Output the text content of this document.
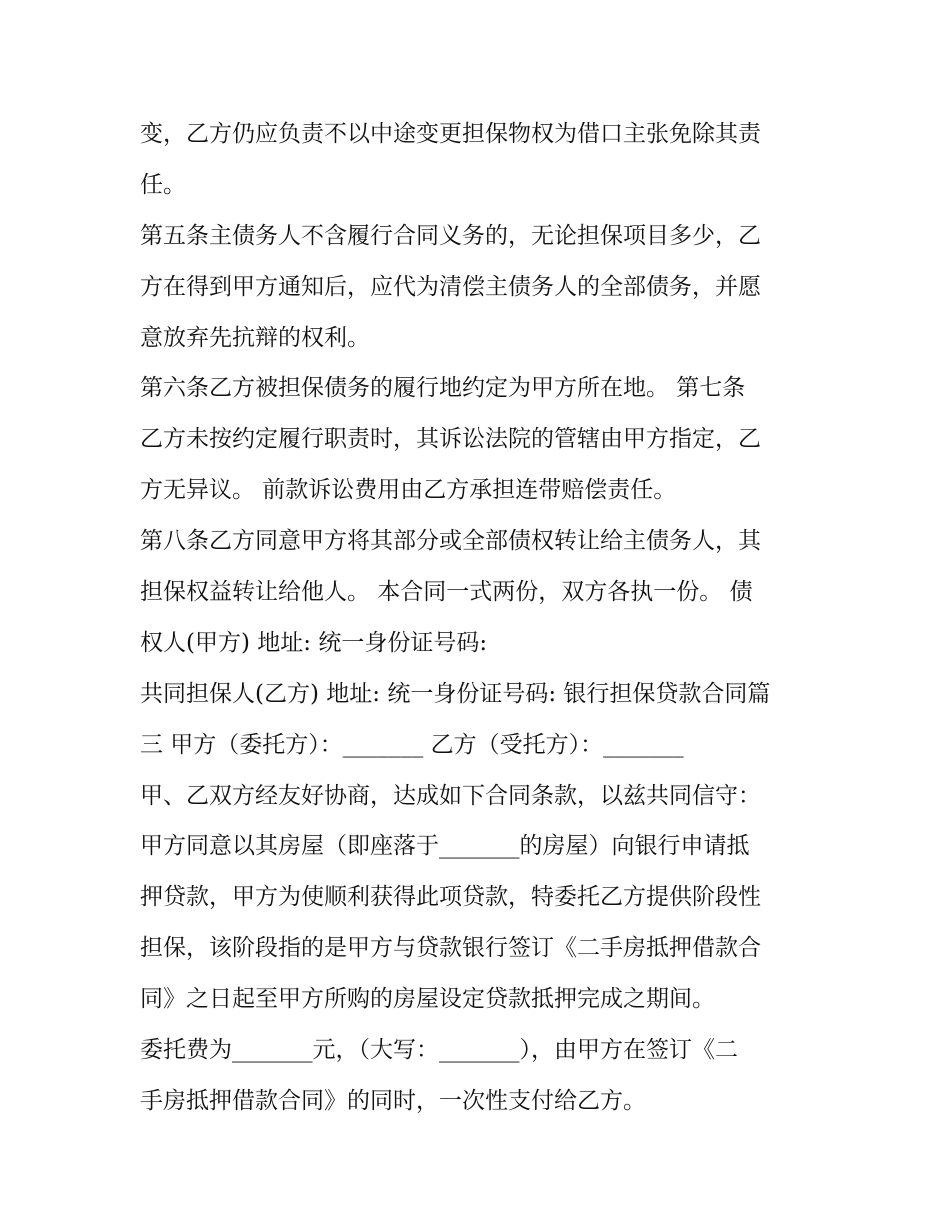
变，乙方仍应负责不以中途变更担保物权为借口主张免除其责
任。
第五条主债务人不含履行合同义务的，无论担保项目多少，乙
方在得到甲方通知后，应代为清偿主债务人的全部债务，并愿
意放弃先抗辩的权利。
第六条乙方被担保债务的履行地约定为甲方所在地。 第七条
乙方未按约定履行职责时，其诉讼法院的管辖由甲方指定，乙
方无异议。 前款诉讼费用由乙方承担连带赔偿责任。
第八条乙方同意甲方将其部分或全部债权转让给主债务人，其
担保权益转让给他人。 本合同一式两份，双方各执一份。 债
权人(甲方) 地址: 统一身份证号码:
共同担保人(乙方) 地址: 统一身份证号码: 银行担保贷款合同篇
三 甲方（委托方）：_______ 乙方（受托方）：_______
甲、乙双方经友好协商，达成如下合同条款，以兹共同信守：
甲方同意以其房屋（即座落于_______的房屋）向银行申请抵
押贷款，甲方为使顺利获得此项贷款，特委托乙方提供阶段性
担保，该阶段指的是甲方与贷款银行签订《二手房抵押借款合
同》之日起至甲方所购的房屋设定贷款抵押完成之期间。
委托费为_______元，（大写：_______），由甲方在签订《二
手房抵押借款合同》的同时，一次性支付给乙方。
